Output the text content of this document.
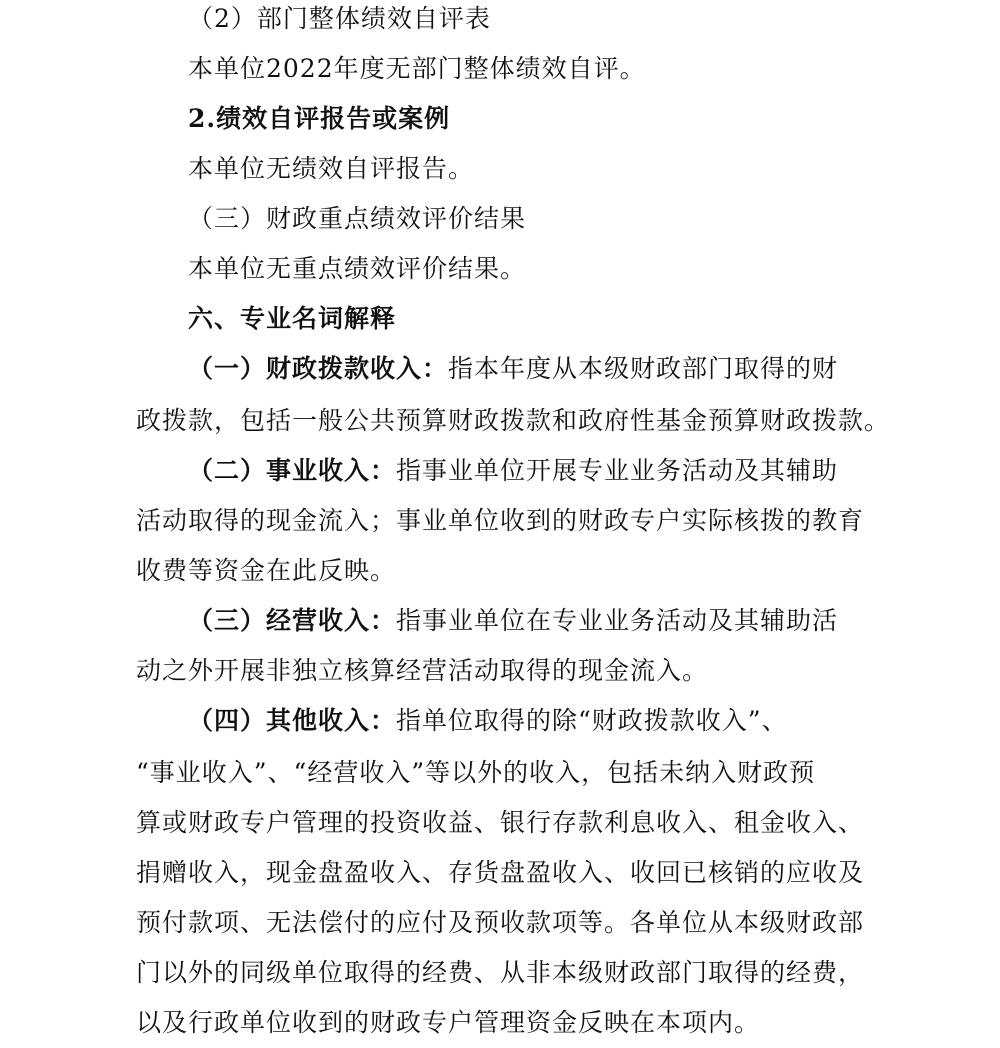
（2）部门整体绩效自评表
本单位2022年度无部门整体绩效自评。
2.绩效自评报告或案例
本单位无绩效自评报告。
（三）财政重点绩效评价结果
本单位无重点绩效评价结果。
六、专业名词解释
（一）财政拨款收入：指本年度从本级财政部门取得的财
政拨款，包括一般公共预算财政拨款和政府性基金预算财政拨款。
（二）事业收入：指事业单位开展专业业务活动及其辅助
活动取得的现金流入；事业单位收到的财政专户实际核拨的教育
收费等资金在此反映。
（三）经营收入：指事业单位在专业业务活动及其辅助活
动之外开展非独立核算经营活动取得的现金流入。
（四）其他收入：指单位取得的除“财政拨款收入”、
“事业收入”、“经营收入”等以外的收入，包括未纳入财政预
算或财政专户管理的投资收益、银行存款利息收入、租金收入、
捐赠收入，现金盘盈收入、存货盘盈收入、收回已核销的应收及
预付款项、无法偿付的应付及预收款项等。各单位从本级财政部
门以外的同级单位取得的经费、从非本级财政部门取得的经费，
以及行政单位收到的财政专户管理资金反映在本项内。
